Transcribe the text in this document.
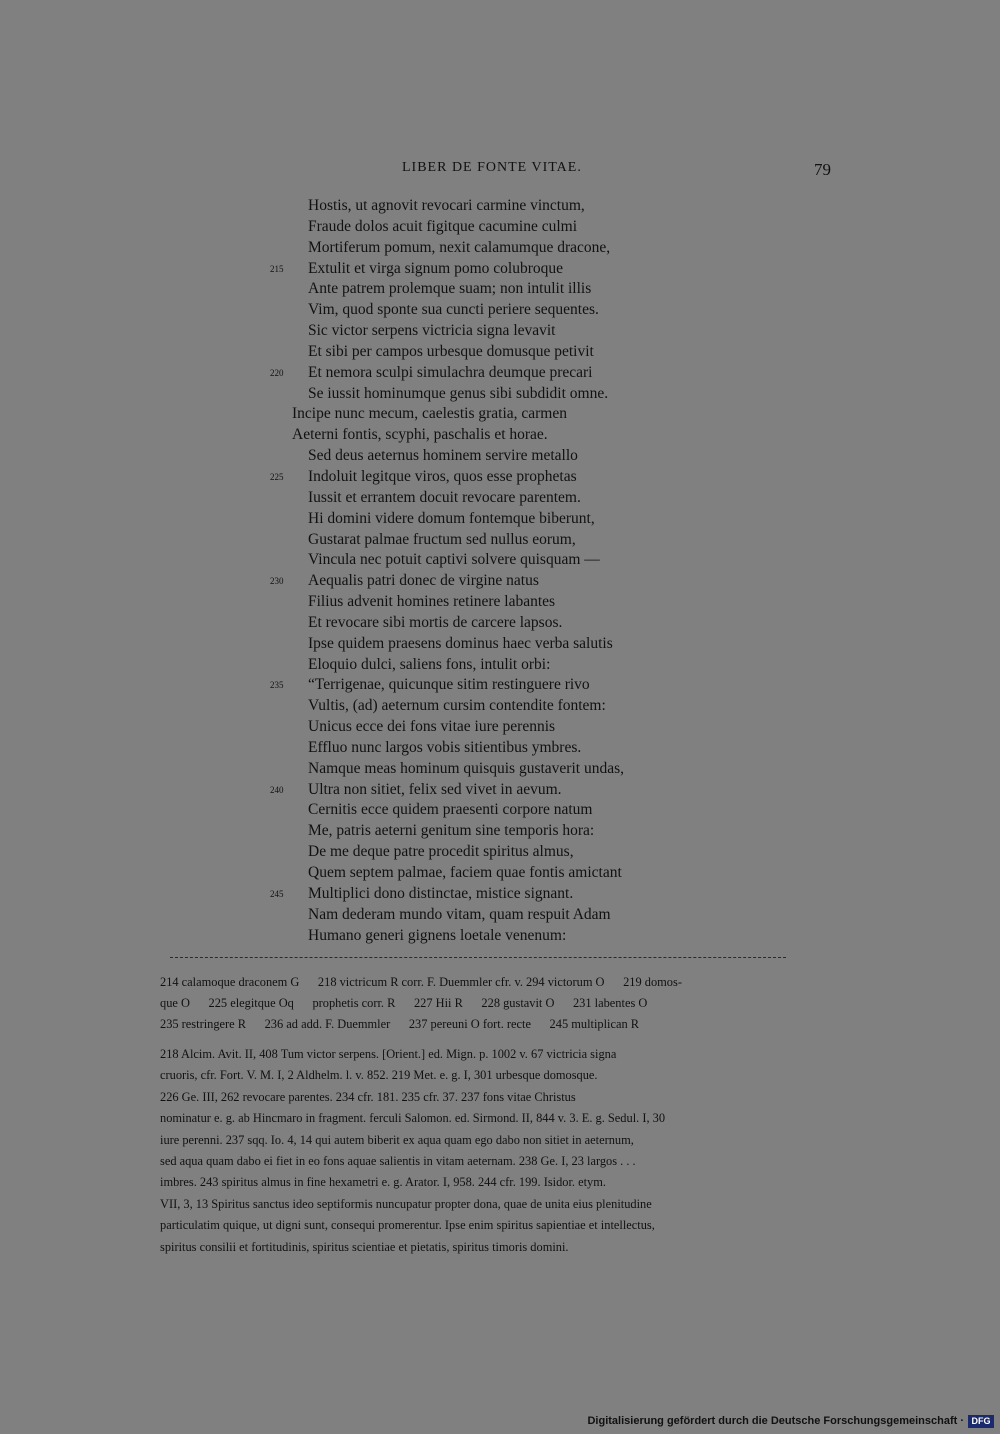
LIBER DE FONTE VITAE.	79
Hostis, ut agnovit revocari carmine vinctum,
Fraude dolos acuit figitque cacumine culmi
Mortiferum pomum, nexit calamumque dracone,
215 Extulit et virga signum pomo colubroque
Ante patrem prolemque suam; non intulit illis
Vim, quod sponte sua cuncti periere sequentes.
Sic victor serpens victricia signa levavit
Et sibi per campos urbesque domusque petivit
220 Et nemora sculpi simulachra deumque precari
Se iussit hominumque genus sibi subdidit omne.
Incipe nunc mecum, caelestis gratia, carmen
Aeterni fontis, scyphi, paschalis et horae.
Sed deus aeternus hominem servire metallo
225 Indoluit legitque viros, quos esse prophetas
Iussit et errantem docuit revocare parentem.
Hi domini videre domum fontemque biberunt,
Gustarat palmae fructum sed nullus eorum,
Vincula nec potuit captivi solvere quisquam —
230 Aequalis patri donec de virgine natus
Filius advenit homines retinere labantes
Et revocare sibi mortis de carcere lapsos.
Ipse quidem praesens dominus haec verba salutis
Eloquio dulci, saliens fons, intulit orbi:
235 “Terrigenae, quicunque sitim restinguere rivo
Vultis, (ad) aeternum cursim contendite fontem:
Unicus ecce dei fons vitae iure perennis
Effluo nunc largos vobis sitientibus ymbres.
Namque meas hominum quisquis gustaverit undas,
240 Ultra non sitiet, felix sed vivet in aevum.
Cernitis ecce quidem praesenti corpore natum
Me, patris aeterni genitum sine temporis hora:
De me deque patre procedit spiritus almus,
Quem septem palmae, faciem quae fontis amictant
245 Multiplici dono distinctae, mistice signant.
Nam dederam mundo vitam, quam respuit Adam
Humano generi gignens loetale venenum:
214 calamoque draconem G      218 victricum R corr. F. Duemmler cfr. v. 294 victorum O      219 domos-
que O      225 elegitque Oq      prophetis corr. R      227 Hii R      228 gustavit O      231 labentes O
235 restringere R      236 ad add. F. Duemmler      237 pereuni O fort. recte      245 multiplican R
218 Alcim. Avit. II, 408 Tum victor serpens. [Orient.] ed. Mign. p. 1002 v. 67 victricia signa
cruoris, cfr. Fort. V. M. I, 2 Aldhelm. l. v. 852. 219 Met. e. g. I, 301 urbesque domosque.
226 Ge. III, 262 revocare parentes. 234 cfr. 181. 235 cfr. 37. 237 fons vitae Christus
nominatur e. g. ab Hincmaro in fragment. ferculi Salomon. ed. Sirmond. II, 844 v. 3. E. g. Sedul. I, 30
iure perenni. 237 sqq. Io. 4, 14 qui autem biberit ex aqua quam ego dabo non sitiet in aeternum,
sed aqua quam dabo ei fiet in eo fons aquae salientis in vitam aeternam. 238 Ge. I, 23 largos . . .
imbres. 243 spiritus almus in fine hexametri e. g. Arator. I, 958. 244 cfr. 199. Isidor. etym.
VII, 3, 13 Spiritus sanctus ideo septiformis nuncupatur propter dona, quae de unita eius plenitudine
particulatim quique, ut digni sunt, consequi promerentur. Ipse enim spiritus sapientiae et intellectus,
spiritus consilii et fortitudinis, spiritus scientiae et pietatis, spiritus timoris domini.
Digitalisierung gefördert durch die Deutsche Forschungsgemeinschaft · DFG
